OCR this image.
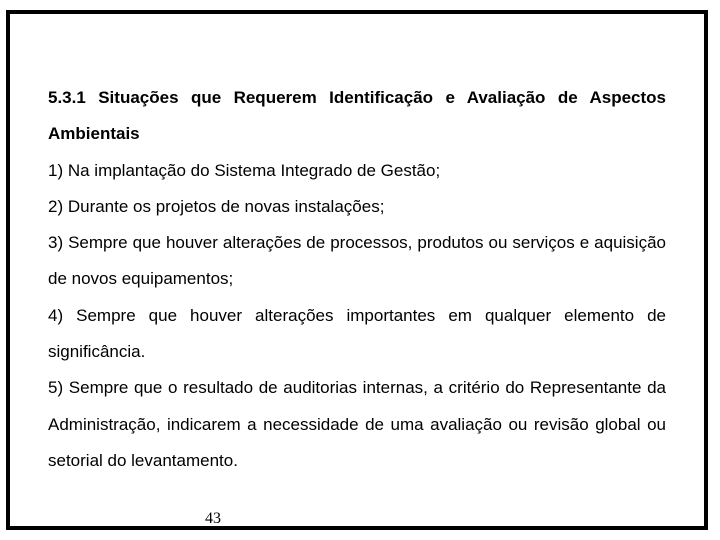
5.3.1 Situações que Requerem Identificação e Avaliação de Aspectos Ambientais

1) Na implantação do Sistema Integrado de Gestão;

2) Durante os projetos de novas instalações;

3) Sempre que houver alterações de processos, produtos ou serviços e aquisição de novos equipamentos;

4) Sempre que houver alterações importantes em qualquer elemento de significância.

5) Sempre que o resultado de auditorias internas, a critério do Representante da Administração, indicarem a necessidade de uma avaliação ou revisão global ou setorial do levantamento.

43
